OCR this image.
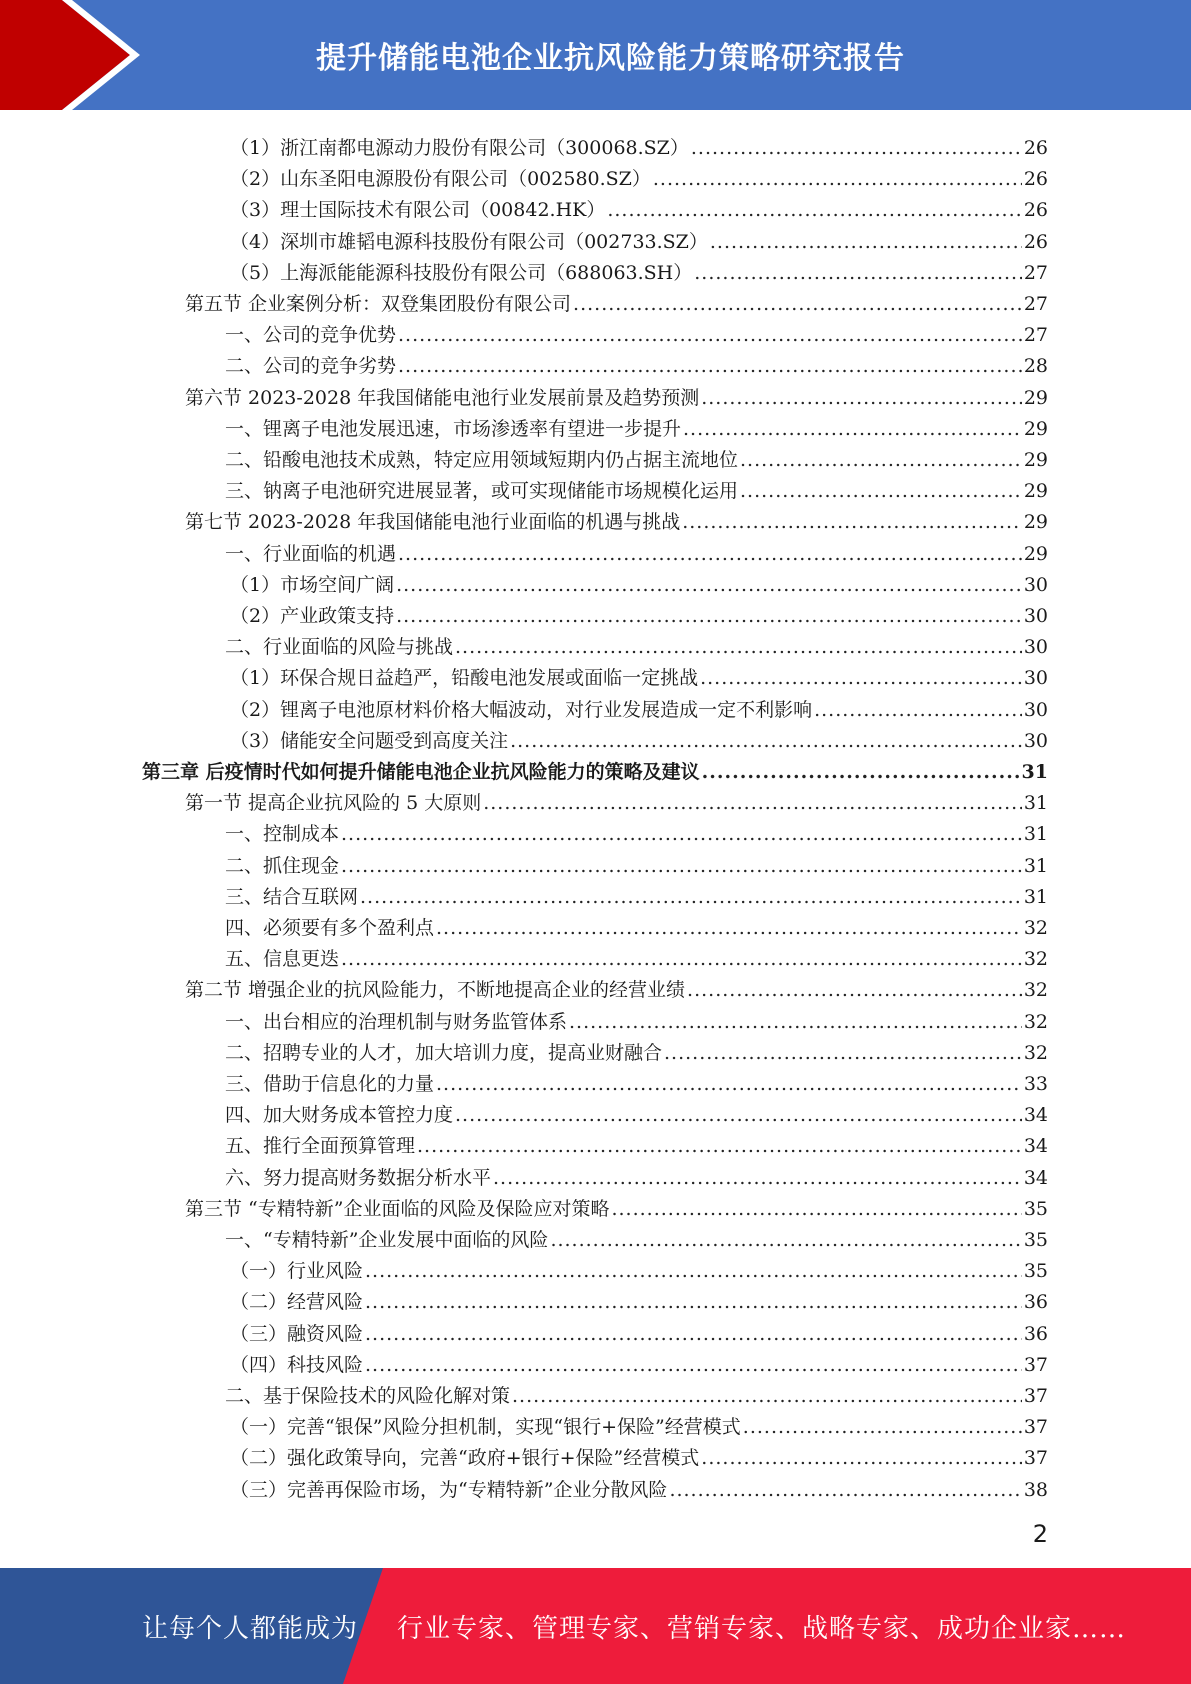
提升储能电池企业抗风险能力策略研究报告
（1）浙江南都电源动力股份有限公司（300068.SZ） .....	26
（2）山东圣阳电源股份有限公司（002580.SZ） .....	26
（3）理士国际技术有限公司（00842.HK） .....	26
（4）深圳市雄韬电源科技股份有限公司（002733.SZ） .....	26
（5）上海派能能源科技股份有限公司（688063.SH） .....	27
第五节 企业案例分析：双登集团股份有限公司 .....	27
一、公司的竞争优势 .....	27
二、公司的竞争劣势 .....	28
第六节 2023-2028 年我国储能电池行业发展前景及趋势预测 .....	29
一、锂离子电池发展迅速，市场渗透率有望进一步提升 .....	29
二、铅酸电池技术成熟，特定应用领域短期内仍占据主流地位 .....	29
三、钠离子电池研究进展显著，或可实现储能市场规模化运用 .....	29
第七节 2023-2028 年我国储能电池行业面临的机遇与挑战 .....	29
一、行业面临的机遇 .....	29
（1）市场空间广阔 .....	30
（2）产业政策支持 .....	30
二、行业面临的风险与挑战 .....	30
（1）环保合规日益趋严，铅酸电池发展或面临一定挑战 .....	30
（2）锂离子电池原材料价格大幅波动，对行业发展造成一定不利影响 .....	30
（3）储能安全问题受到高度关注 .....	30
第三章 后疫情时代如何提升储能电池企业抗风险能力的策略及建议 .....	31
第一节 提高企业抗风险的 5 大原则 .....	31
一、控制成本 .....	31
二、抓住现金 .....	31
三、结合互联网 .....	31
四、必须要有多个盈利点 .....	32
五、信息更迭 .....	32
第二节 增强企业的抗风险能力，不断地提高企业的经营业绩 .....	32
一、出台相应的治理机制与财务监管体系 .....	32
二、招聘专业的人才，加大培训力度，提高业财融合 .....	32
三、借助于信息化的力量 .....	33
四、加大财务成本管控力度 .....	34
五、推行全面预算管理 .....	34
六、努力提高财务数据分析水平 .....	34
第三节 “专精特新”企业面临的风险及保险应对策略 .....	35
一、“专精特新”企业发展中面临的风险 .....	35
（一）行业风险 .....	35
（二）经营风险 .....	36
（三）融资风险 .....	36
（四）科技风险 .....	37
二、基于保险技术的风险化解对策 .....	37
（一）完善“银保”风险分担机制，实现“银行+保险”经营模式 .....	37
（二）强化政策导向，完善“政府+银行+保险”经营模式 .....	37
（三）完善再保险市场，为“专精特新”企业分散风险 .....	38
2
让每个人都能成为 行业专家、管理专家、营销专家、战略专家、成功企业家……
